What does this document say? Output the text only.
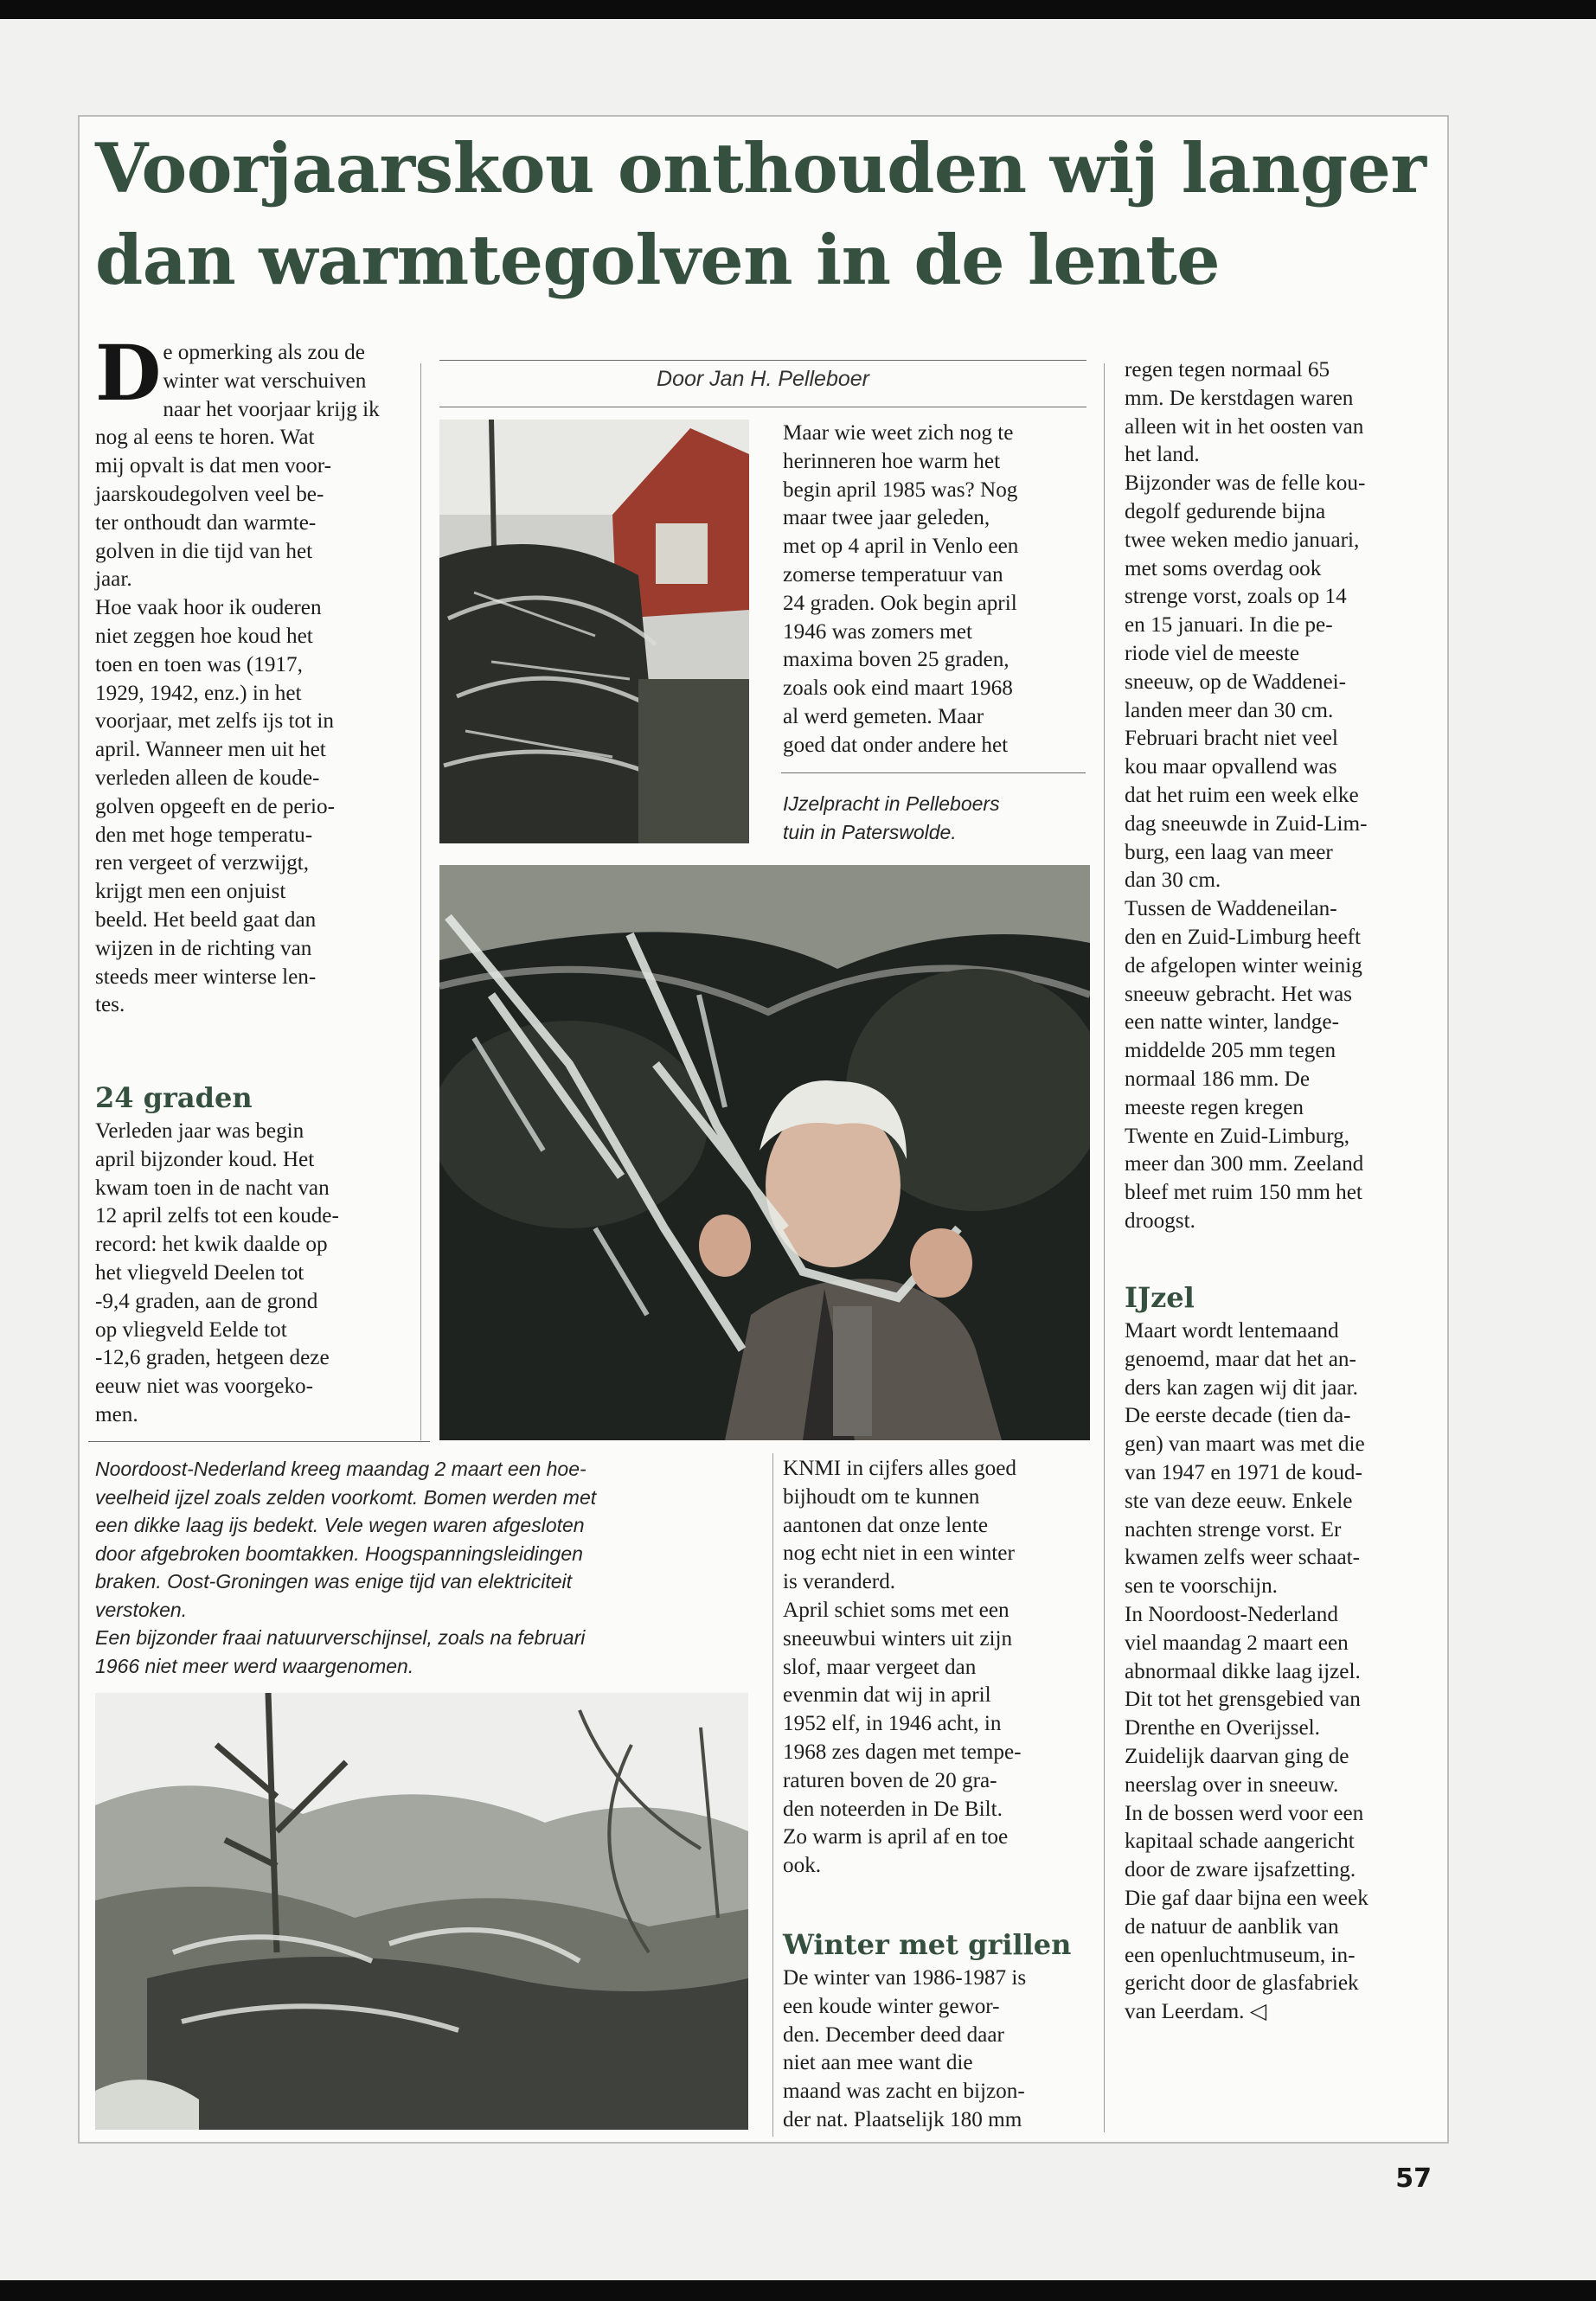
Voorjaarskou onthouden wij langer dan warmtegolven in de lente
De opmerking als zou de
winter wat verschuiven
naar het voorjaar krijg ik
nog al eens te horen. Wat
mij opvalt is dat men voor-
jaarskoudegolven veel be-
ter onthoudt dan warmte-
golven in die tijd van het
jaar.
Hoe vaak hoor ik ouderen
niet zeggen hoe koud het
toen en toen was (1917,
1929, 1942, enz.) in het
voorjaar, met zelfs ijs tot in
april. Wanneer men uit het
verleden alleen de koude-
golven opgeeft en de perio-
den met hoge temperatu-
ren vergeet of verzwijgt,
krijgt men een onjuist
beeld. Het beeld gaat dan
wijzen in de richting van
steeds meer winterse len-
tes.
24 graden
Verleden jaar was begin
april bijzonder koud. Het
kwam toen in de nacht van
12 april zelfs tot een koude-
record: het kwik daalde op
het vliegveld Deelen tot
-9,4 graden, aan de grond
op vliegveld Eelde tot
-12,6 graden, hetgeen deze
eeuw niet was voorgeko-
men.

Door Jan H. Pelleboer

Maar wie weet zich nog te
herinneren hoe warm het
begin april 1985 was? Nog
maar twee jaar geleden,
met op 4 april in Venlo een
zomerse temperatuur van
24 graden. Ook begin april
1946 was zomers met
maxima boven 25 graden,
zoals ook eind maart 1968
al werd gemeten. Maar
goed dat onder andere het

IJzelpracht in Pelleboers
tuin in Paterswolde.

Noordoost-Nederland kreeg maandag 2 maart een hoe-
veelheid ijzel zoals zelden voorkomt. Bomen werden met
een dikke laag ijs bedekt. Vele wegen waren afgesloten
door afgebroken boomtakken. Hoogspanningsleidingen
braken. Oost-Groningen was enige tijd van elektriciteit
verstoken.
Een bijzonder fraai natuurverschijnsel, zoals na februari
1966 niet meer werd waargenomen.

KNMI in cijfers alles goed
bijhoudt om te kunnen
aantonen dat onze lente
nog echt niet in een winter
is veranderd.
April schiet soms met een
sneeuwbui winters uit zijn
slof, maar vergeet dan
evenmin dat wij in april
1952 elf, in 1946 acht, in
1968 zes dagen met tempe-
raturen boven de 20 gra-
den noteerden in De Bilt.
Zo warm is april af en toe
ook.
Winter met grillen
De winter van 1986-1987 is
een koude winter gewor-
den. December deed daar
niet aan mee want die
maand was zacht en bijzon-
der nat. Plaatselijk 180 mm
regen tegen normaal 65
mm. De kerstdagen waren
alleen wit in het oosten van
het land.
Bijzonder was de felle kou-
degolf gedurende bijna
twee weken medio januari,
met soms overdag ook
strenge vorst, zoals op 14
en 15 januari. In die pe-
riode viel de meeste
sneeuw, op de Waddenei-
landen meer dan 30 cm.
Februari bracht niet veel
kou maar opvallend was
dat het ruim een week elke
dag sneeuwde in Zuid-Lim-
burg, een laag van meer
dan 30 cm.
Tussen de Waddeneilan-
den en Zuid-Limburg heeft
de afgelopen winter weinig
sneeuw gebracht. Het was
een natte winter, landge-
middelde 205 mm tegen
normaal 186 mm. De
meeste regen kregen
Twente en Zuid-Limburg,
meer dan 300 mm. Zeeland
bleef met ruim 150 mm het
droogst.
IJzel
Maart wordt lentemaand
genoemd, maar dat het an-
ders kan zagen wij dit jaar.
De eerste decade (tien da-
gen) van maart was met die
van 1947 en 1971 de koud-
ste van deze eeuw. Enkele
nachten strenge vorst. Er
kwamen zelfs weer schaat-
sen te voorschijn.
In Noordoost-Nederland
viel maandag 2 maart een
abnormaal dikke laag ijzel.
Dit tot het grensgebied van
Drenthe en Overijssel.
Zuidelijk daarvan ging de
neerslag over in sneeuw.
In de bossen werd voor een
kapitaal schade aangericht
door de zware ijsafzetting.
Die gaf daar bijna een week
de natuur de aanblik van
een openluchtmuseum, in-
gericht door de glasfabriek
van Leerdam. ◁
57
